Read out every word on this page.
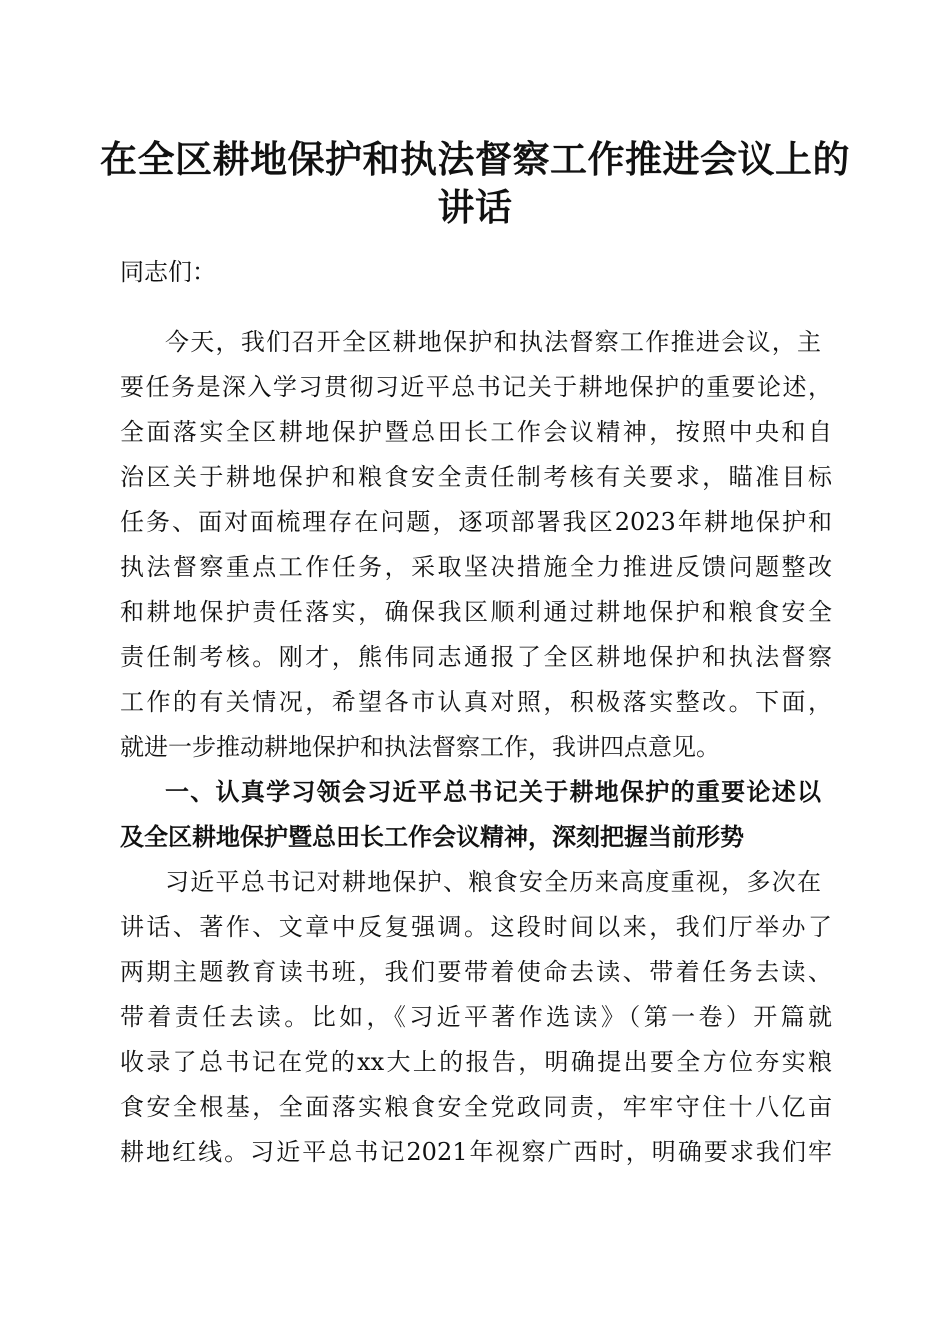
在全区耕地保护和执法督察工作推进会议上的
讲话
同志们：
今天，我们召开全区耕地保护和执法督察工作推进会议，主
要任务是深入学习贯彻习近平总书记关于耕地保护的重要论述，
全面落实全区耕地保护暨总田长工作会议精神，按照中央和自
治区关于耕地保护和粮食安全责任制考核有关要求，瞄准目标
任务、面对面梳理存在问题，逐项部署我区2023年耕地保护和
执法督察重点工作任务，采取坚决措施全力推进反馈问题整改
和耕地保护责任落实，确保我区顺利通过耕地保护和粮食安全
责任制考核。刚才，熊伟同志通报了全区耕地保护和执法督察
工作的有关情况，希望各市认真对照，积极落实整改。下面，
就进一步推动耕地保护和执法督察工作，我讲四点意见。
一、认真学习领会习近平总书记关于耕地保护的重要论述以
及全区耕地保护暨总田长工作会议精神，深刻把握当前形势
习近平总书记对耕地保护、粮食安全历来高度重视，多次在
讲话、著作、文章中反复强调。这段时间以来，我们厅举办了
两期主题教育读书班，我们要带着使命去读、带着任务去读、
带着责任去读。比如，《习近平著作选读》（第一卷）开篇就
收录了总书记在党的xx大上的报告，明确提出要全方位夯实粮
食安全根基，全面落实粮食安全党政同责，牢牢守住十八亿亩
耕地红线。习近平总书记2021年视察广西时，明确要求我们牢
